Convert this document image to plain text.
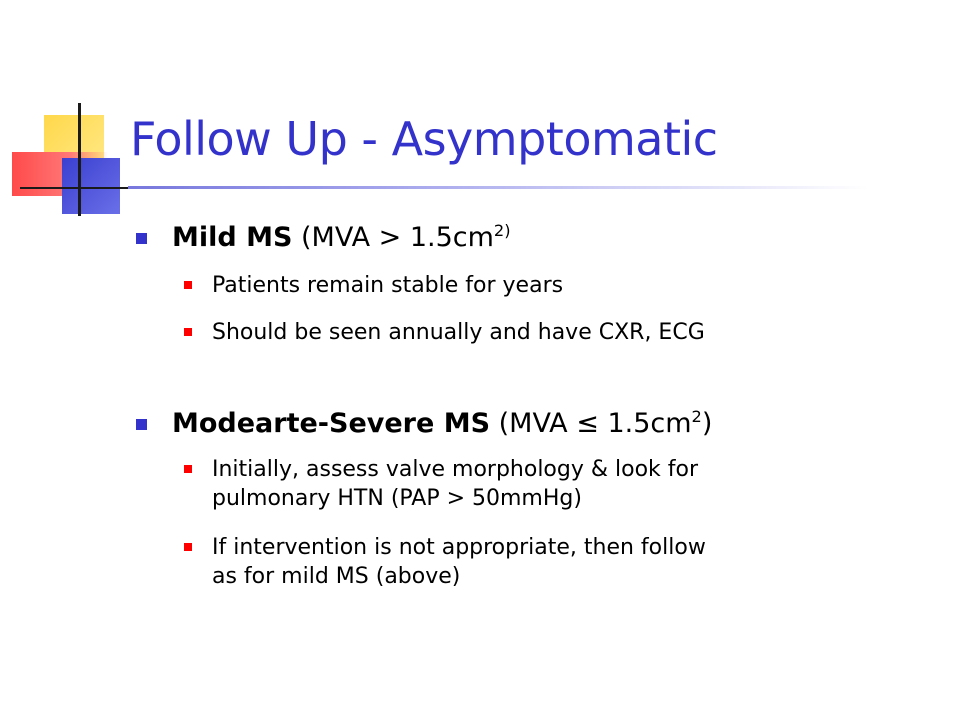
Follow Up - Asymptomatic
Mild MS ($MVA > 1.5cm^{2)}$
Patients remain stable for years
Should be seen annually and have CXR, ECG
Modearte-Severe MS $(MVA \le 1.5cm^2)$
Initially, assess valve morphology & look for
pulmonary HTN (PAP > 50mmHg)
If intervention is not appropriate, then follow
as for mild MS (above)
